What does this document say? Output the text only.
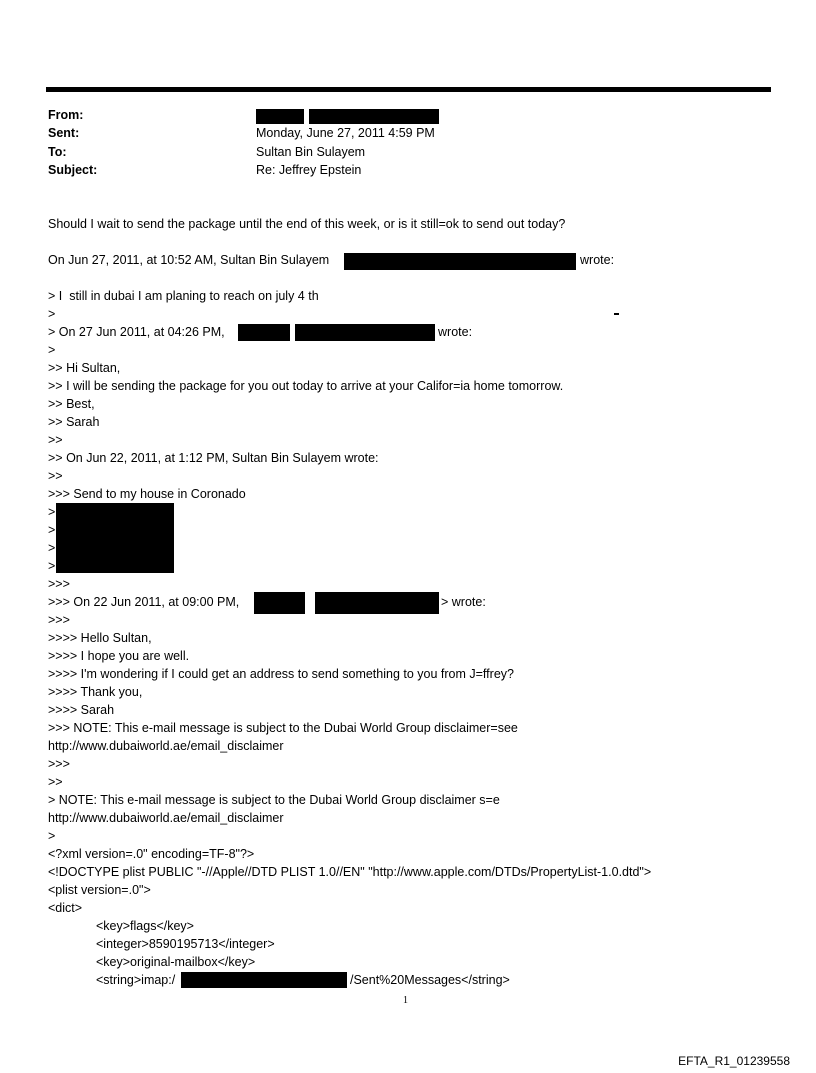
From:
Sent:	Monday, June 27, 2011 4:59 PM
To:	Sultan Bin Sulayem
Subject:	Re: Jeffrey Epstein
Should I wait to send the package until the end of this week, or is it still=ok to send out today?
On Jun 27, 2011, at 10:52 AM, Sultan Bin Sulayem	wrote:
> I  still in dubai I am planing to reach on july 4 th
>
> On 27 Jun 2011, at 04:26 PM,	wrote:
>
>> Hi Sultan,
>> I will be sending the package for you out today to arrive at your Califor=ia home tomorrow.
>> Best,
>> Sarah
>>
>> On Jun 22, 2011, at 1:12 PM, Sultan Bin Sulayem wrote:
>>
>>> Send to my house in Coronado
>
>
>
>
>>>
>>> On 22 Jun 2011, at 09:00 PM,	> wrote:
>>>
>>>> Hello Sultan,
>>>> I hope you are well.
>>>> I'm wondering if I could get an address to send something to you from J=ffrey?
>>>> Thank you,
>>>> Sarah
>>> NOTE: This e-mail message is subject to the Dubai World Group disclaimer=see
http://www.dubaiworld.ae/email_disclaimer
>>>
>>
> NOTE: This e-mail message is subject to the Dubai World Group disclaimer s=e
http://www.dubaiworld.ae/email_disclaimer
>
<?xml version=.0" encoding=TF-8"?>
<!DOCTYPE plist PUBLIC "-//Apple//DTD PLIST 1.0//EN" "http://www.apple.com/DTDs/PropertyList-1.0.dtd">
<plist version=.0">
<dict>
<key>flags</key>
<integer>8590195713</integer>
<key>original-mailbox</key>
<string>imap:/	/Sent%20Messages</string>
1
EFTA_R1_01239558
